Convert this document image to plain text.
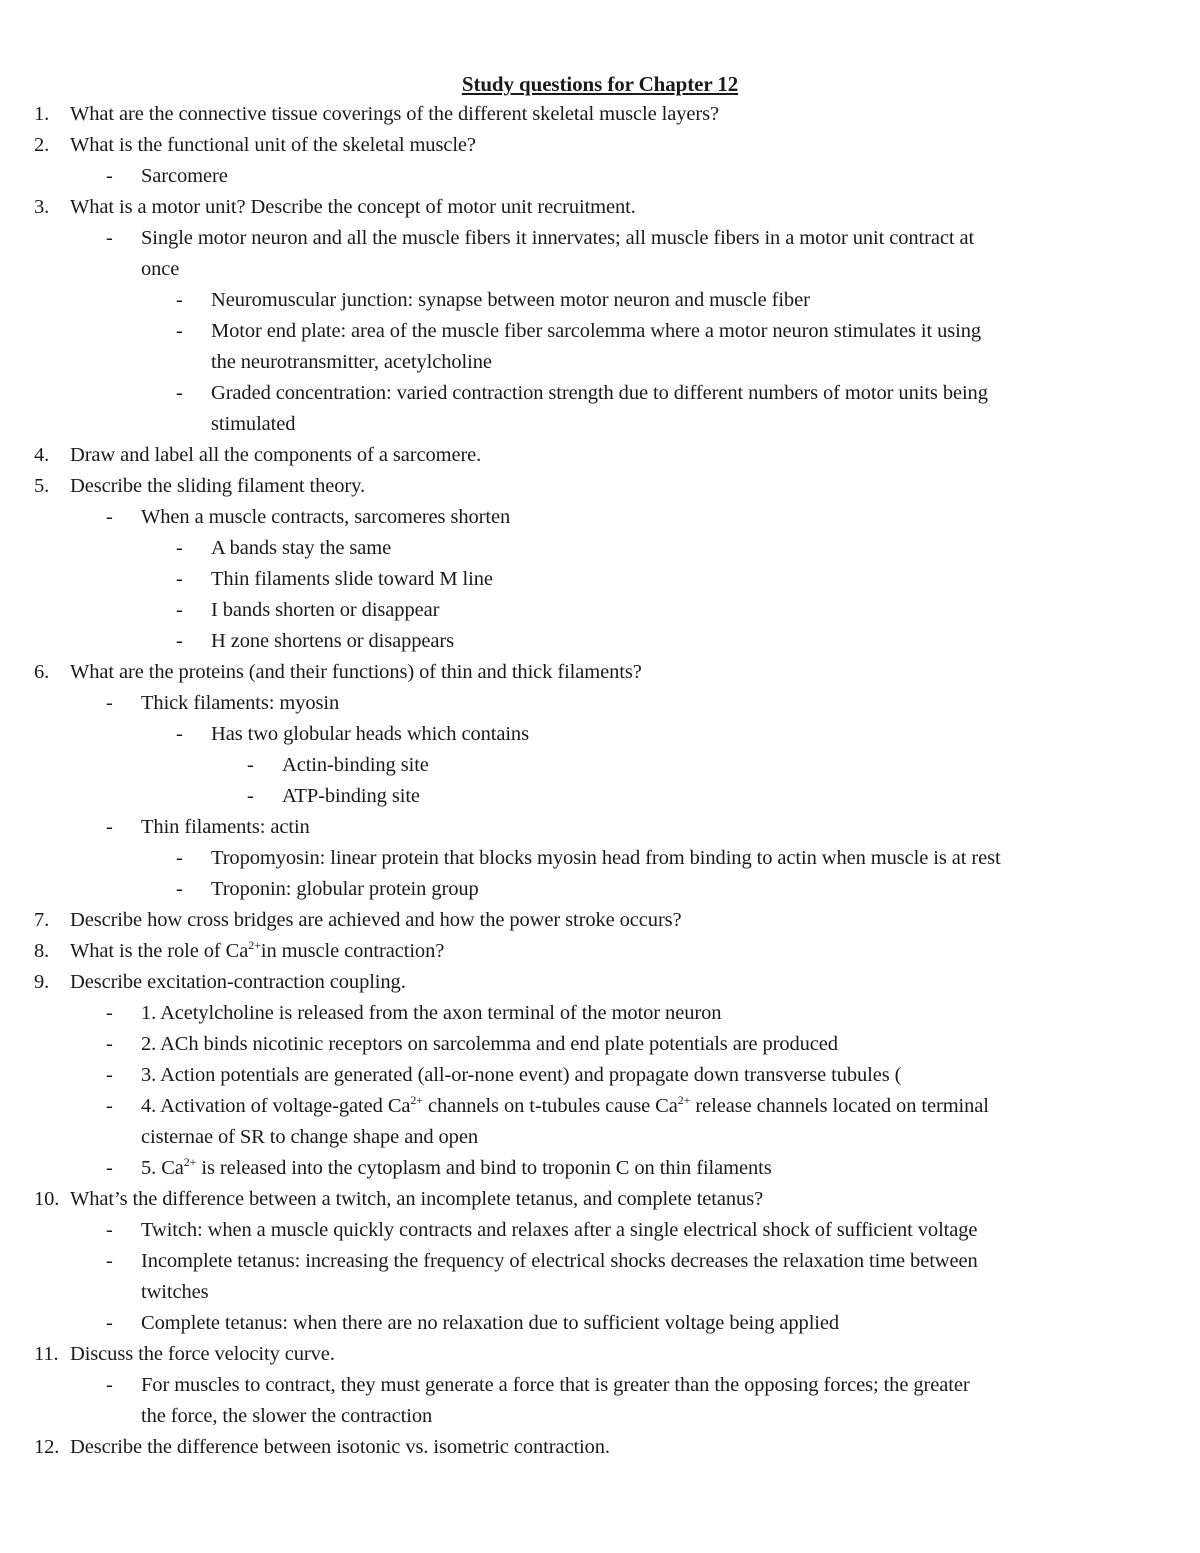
Study questions for Chapter 12
1. What are the connective tissue coverings of the different skeletal muscle layers?
2. What is the functional unit of the skeletal muscle?
- Sarcomere
3. What is a motor unit? Describe the concept of motor unit recruitment.
- Single motor neuron and all the muscle fibers it innervates; all muscle fibers in a motor unit contract at
once
- Neuromuscular junction: synapse between motor neuron and muscle fiber
- Motor end plate: area of the muscle fiber sarcolemma where a motor neuron stimulates it using
the neurotransmitter, acetylcholine
- Graded concentration: varied contraction strength due to different numbers of motor units being
stimulated
4. Draw and label all the components of a sarcomere.
5. Describe the sliding filament theory.
- When a muscle contracts, sarcomeres shorten
- A bands stay the same
- Thin filaments slide toward M line
- I bands shorten or disappear
- H zone shortens or disappears
6. What are the proteins (and their functions) of thin and thick filaments?
- Thick filaments: myosin
- Has two globular heads which contains
- Actin-binding site
- ATP-binding site
- Thin filaments: actin
- Tropomyosin: linear protein that blocks myosin head from binding to actin when muscle is at rest
- Troponin: globular protein group
7. Describe how cross bridges are achieved and how the power stroke occurs?
8. What is the role of $Ca^{2+}in$ muscle contraction?
9. Describe excitation-contraction coupling.
- 1. Acetylcholine is released from the axon terminal of the motor neuron
- 2. ACh binds nicotinic receptors on sarcolemma and end plate potentials are produced
- 3. Action potentials are generated (all-or-none event) and propagate down transverse tubules (
- 4. Activation of voltage-gated $Ca^{2+}$ channels on t-tubules cause $Ca^{2+}$ release channels located on terminal
cisternae of SR to change shape and open
- 5. $Ca^{2+}$ is released into the cytoplasm and bind to troponin C on thin filaments
10. What’s the difference between a twitch, an incomplete tetanus, and complete tetanus?
- Twitch: when a muscle quickly contracts and relaxes after a single electrical shock of sufficient voltage
- Incomplete tetanus: increasing the frequency of electrical shocks decreases the relaxation time between
twitches
- Complete tetanus: when there are no relaxation due to sufficient voltage being applied
11. Discuss the force velocity curve.
- For muscles to contract, they must generate a force that is greater than the opposing forces; the greater
the force, the slower the contraction
12. Describe the difference between isotonic vs. isometric contraction.
